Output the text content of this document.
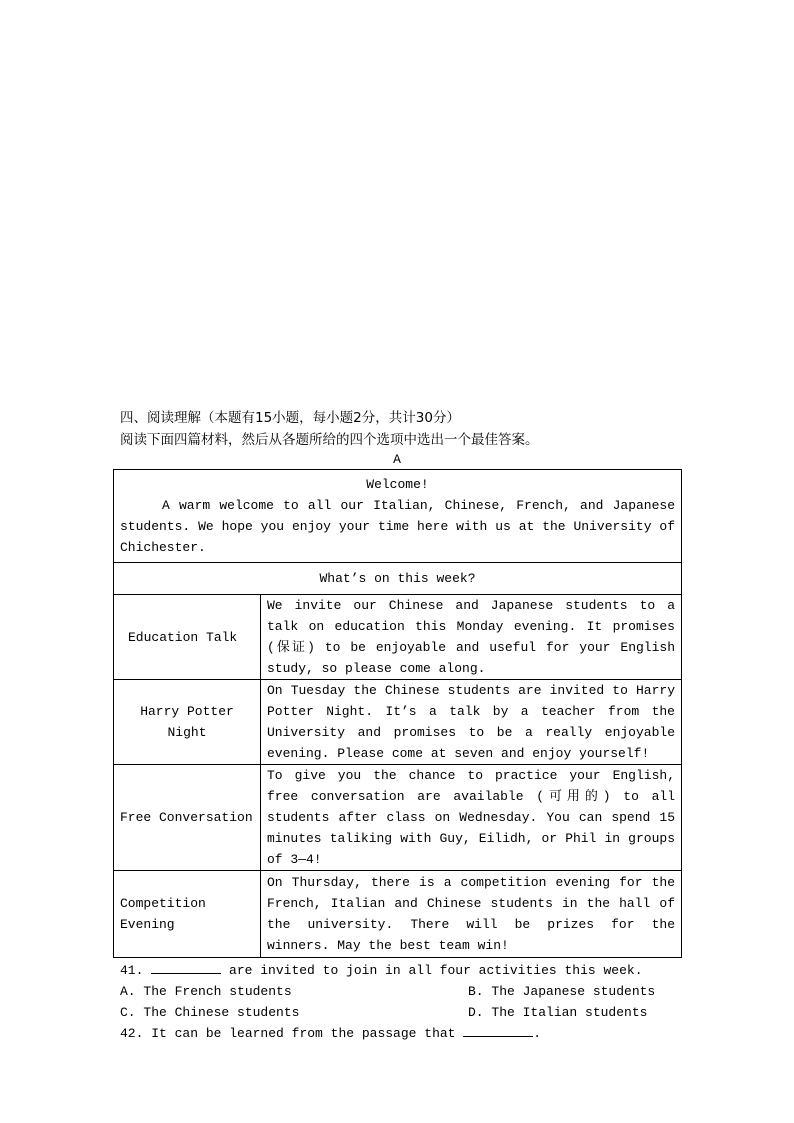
四、阅读理解（本题有15小题，每小题2分，共计30分）
阅读下面四篇材料，然后从各题所给的四个选项中选出一个最佳答案。
A
Welcome!
A warm welcome to all our Italian, Chinese, French, and Japanese students. We hope you enjoy your time here with us at the University of Chichester.	

What’s on this week?	
Education Talk	We invite our Chinese and Japanese students to a talk on education this Monday evening. It promises (保证) to be enjoyable and useful for your English study, so please come along.
Harry Potter Night	On Tuesday the Chinese students are invited to Harry Potter Night. It’s a talk by a teacher from the University and promises to be a really enjoyable evening. Please come at seven and enjoy yourself!
Free Conversation	To give you the chance to practice your English, free conversation are available (可用的) to all students after class on Wednesday. You can spend 15 minutes taliking with Guy, Eilidh, or Phil in groups of 3—4!
Competition Evening	On Thursday, there is a competition evening for the French, Italian and Chinese students in the hall of the university. There will be prizes for the winners. May the best team win!
41.	are invited to join in all four activities this week.
A. The French students	B. The Japanese students
C. The Chinese students	D. The Italian students
42. It can be learned from the passage that	.
